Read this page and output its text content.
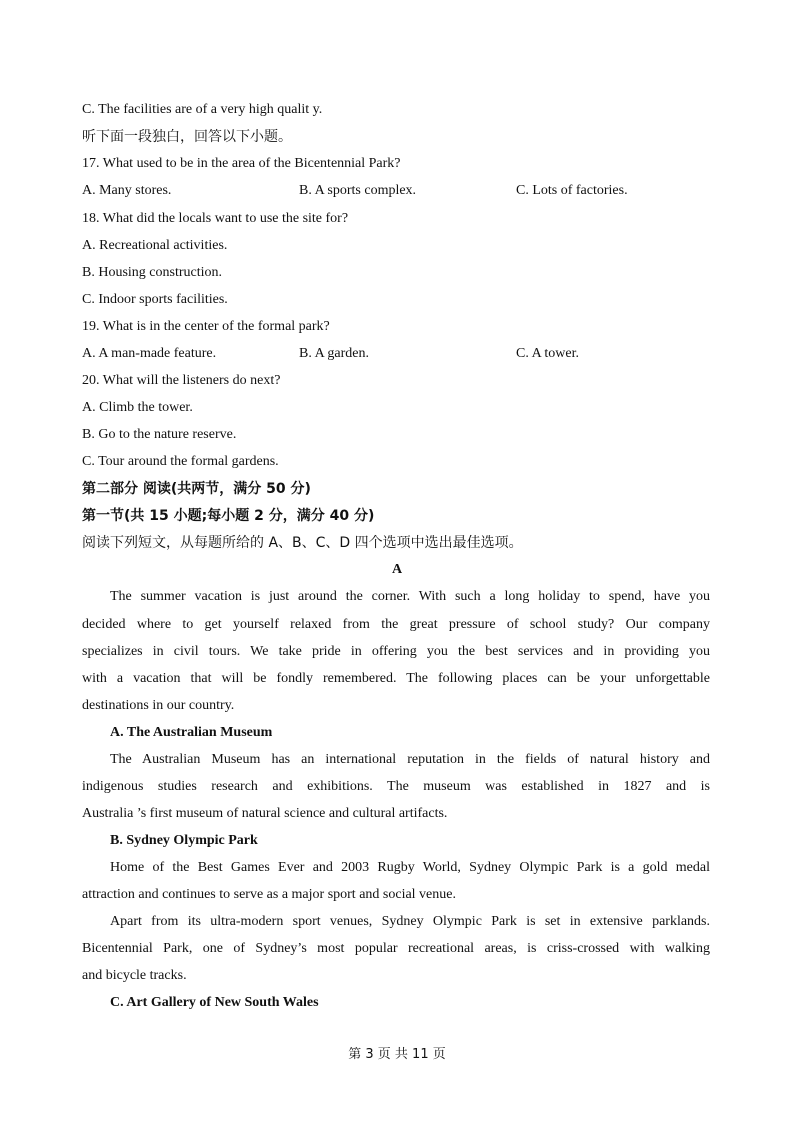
C. The facilities are of a very high qualit y.
听下面一段独白，回答以下小题。
17. What used to be in the area of the Bicentennial Park?
A. Many stores.	B. A sports complex.	C. Lots of factories.
18. What did the locals want to use the site for?
A. Recreational activities.
B. Housing construction.
C. Indoor sports facilities.
19. What is in the center of the formal park?
A. A man-made feature.	B. A garden.	C. A tower.
20. What will the listeners do next?
A. Climb the tower.
B. Go to the nature reserve.
C. Tour around the formal gardens.
第二部分 阅读(共两节，满分 50 分)
第一节(共 15 小题;每小题 2 分，满分 40 分)
阅读下列短文，从每题所给的 A、B、C、D 四个选项中选出最佳选项。
A
The summer vacation is just around the corner. With such a long holiday to spend, have you
decided where to get yourself relaxed from the great pressure of school study? Our company
specializes in civil tours. We take pride in offering you the best services and in providing you
with a vacation that will be fondly remembered. The following places can be your unforgettable
destinations in our country.
A. The Australian Museum
The Australian Museum has an international reputation in the fields of natural history and
indigenous studies research and exhibitions. The museum was established in 1827 and is
Australia ’s first museum of natural science and cultural artifacts.
B. Sydney Olympic Park
Home of the Best Games Ever and 2003 Rugby World, Sydney Olympic Park is a gold medal
attraction and continues to serve as a major sport and social venue.
Apart from its ultra-modern sport venues, Sydney Olympic Park is set in extensive parklands.
Bicentennial Park, one of Sydney’s most popular recreational areas, is criss-crossed with walking
and bicycle tracks.
C. Art Gallery of New South Wales
第 3 页 共 11 页
